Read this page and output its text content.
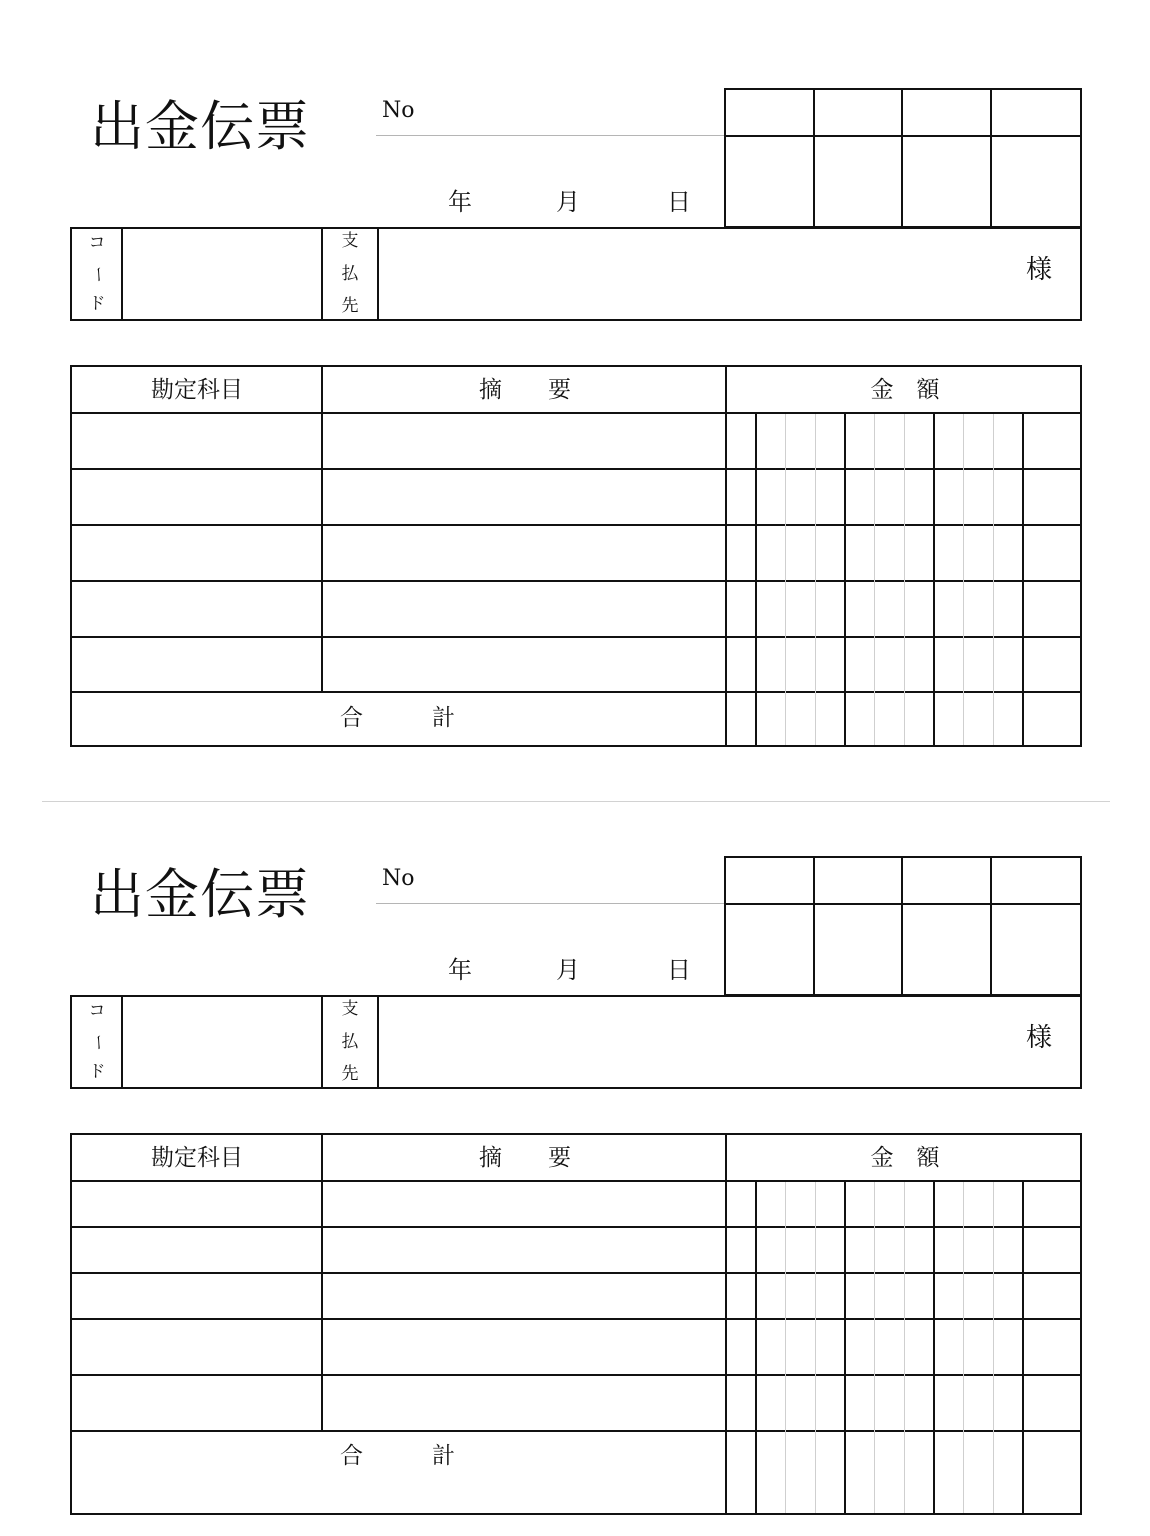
出金伝票	No
年	月	日
コ
ー
ド
支
払
先
様
勘定科目	摘　　要	金　額
合　　　計
出金伝票	No
年	月	日
コ
ー
ド
支
払
先
様
勘定科目	摘　　要	金　額
合　　　計
